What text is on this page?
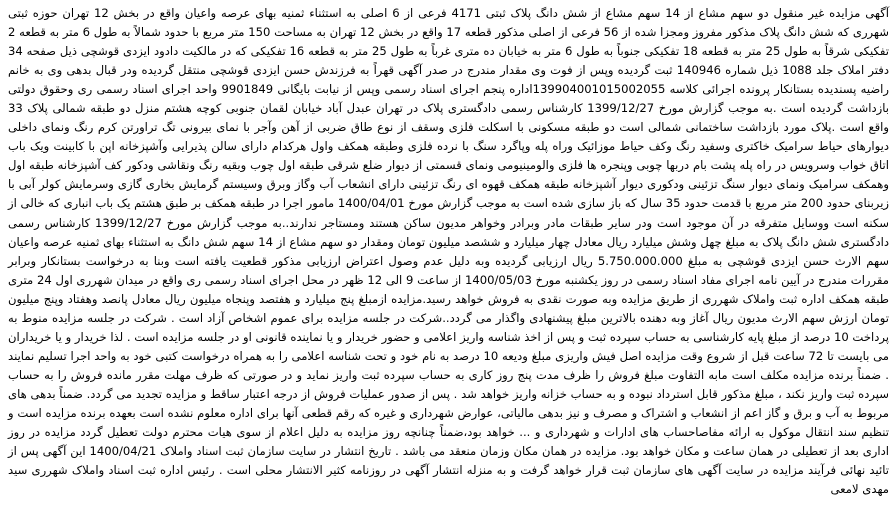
آگهی مزایده غیر منقول دو سهم مشاع از 14 سهم مشاع از شش دانگ پلاک ثبتی 4171 فرعی از 6 اصلی به استثناء ثمنیه بهای عرصه واعیان واقع در بخش 12 تهران حوزه ثبتی شهرری که شش دانگ پلاک مذکور مفروز ومجزا شده از 56 فرعی از اصلی مذکور قطعه 17 واقع در بخش 12 تهران به مساحت 150 متر مربع با حدود شمالاً به طول 6 متر به قطعه 2 تفکیکی شرقاً به طول 25 متر به قطعه 18 تفکیکی جنوباً به طول 6 متر به خیابان ده متری غرباً به طول 25 متر به قطعه 16 تفکیکی که در مالکیت دادود ایزدی قوشچی ذیل صفحه 34 دفتر املاک جلد 1088 ذیل شماره 140946 ثبت گردیده وپس از فوت وی مقدار مندرج در صدر آگهی قهراً به فرزندش حسن ایزدی قوشچی منتقل گردیده ودر قبال بدهی وی به خانم راضیه پسندیده بستانکار پرونده اجرائی کلاسه 139904001015002055اداره پنجم اجرای اسناد رسمی وپس از نیابت بایگانی 9901849 واحد اجرای اسناد رسمی ری وحقوق دولتی بازداشت گردیده است .به موجب گزارش مورخ 1399/12/27 کارشناس رسمی دادگستری پلاک در تهران عبدل آباد خیابان لقمان جنوبی کوچه هشتم منزل دو طبقه شمالی پلاک 33 واقع است .پلاک مورد بازداشت ساختمانی شمالی است دو طبقه مسکونی با اسکلت فلزی وسقف از نوع طاق ضربی از آهن وآجر با نمای بیرونی تگ تراورتن کرم رنگ ونمای داخلی دیوارهای حیاط سرامیک خاکتری وسفید رنگ وکف حیاط موزائیک وراه پله وپاگرد سنگ با نرده فلزی وطبقه همکف واول هرکدام دارای سالن پذیرایی وآشپزخانه اپن با کابینت ویک باب اتاق خواب وسرویس در راه پله پشت بام دربها چوبی وپنجره ها فلزی والومینیومی ونمای قسمتی از دیوار ضلع شرقی طبقه اول چوب وبقیه رنگ ونقاشی ودکور کف آشپزخانه طبقه اول وهمکف سرامیک ونمای دیوار سنگ تزئینی ودکوری دیوار آشپزخانه طبقه همکف قهوه ای رنگ تزئینی دارای انشعاب آب وگاز وبرق وسیستم گرمایش بخاری گازی وسرمایش کولر آبی با زیربنای حدود 200 متر مربع با قدمت حدود 35 سال که باز سازی شده است به موجب گزارش مورخ 1400/04/01 مامور اجرا در طبقه همکف بر طبق هشتم یک باب انباری که خالی از سکنه است ووسایل متفرقه در آن موجود است ودر سایر طبقات مادر وبرادر وخواهر مدیون ساکن هستند ومستاجر ندارند..به موجب گزارش مورخ 1399/12/27 کارشناس رسمی دادگستری شش دانگ پلاک به مبلغ چهل وشش میلیارد ریال معادل چهار میلیارد و ششصد میلیون تومان ومقدار دو سهم مشاع از 14 سهم شش دانگ به استثناء بهای ثمنیه عرصه واعیان سهم الارث حسن ایزدی قوشچی به مبلغ 5.750.000.000 ریال ارزیابی گردیده وبه دلیل عدم وصول اعتراض ارزیابی مذکور قطعیت یافته است وبنا به درخواست بستانکار وبرابر مقررات مندرج در آیین نامه اجرای مفاد اسناد رسمی در روز یکشنبه مورخ 1400/05/03 از ساعت 9 الی 12 ظهر در محل اجرای اسناد رسمی ری واقع در میدان شهرری اول 24 متری طبقه همکف اداره ثبت واملاک شهرری از طریق مزایده وبه صورت نقدی به فروش خواهد رسید.مزایده ازمبلغ پنج میلیارد و هفتصد وپنجاه میلیون ریال معادل پانصد وهفتاد وپنج میلیون تومان ارزش سهم الارث مدیون ریال آغاز وبه دهنده بالاترین مبلغ پیشنهادی واگذار می گردد..شرکت در جلسه مزایده برای عموم اشخاص آزاد است . شرکت در جلسه مزایده منوط به پرداخت 10 درصد از مبلغ پایه کارشناسی به حساب سپرده ثبت و پس از اخذ شناسه واریز اعلامی و حضور خریدار و یا نماینده قانونی او در جلسه مزایده است . لذا خریدار و یا خریداران می بایست تا 72 ساعت قبل از شروع وقت مزایده اصل فیش واریزی مبلغ ودیعه 10 درصد به نام خود و تحت شناسه اعلامی را به همراه درخواست کتبی خود به واحد اجرا تسلیم نمایند . ضمناً برنده مزایده مکلف است مابه التفاوت مبلغ فروش را ظرف مدت پنج روز کاری به حساب سپرده ثبت واریز نماید و در صورتی که ظرف مهلت مقرر مانده فروش را به حساب سپرده ثبت واریز نکند ، مبلغ مذکور قابل استرداد نبوده و به حساب خزانه واریز خواهد شد . پس از صدور عملیات فروش از درجه اعتبار ساقط و مزایده تجدید می گردد. ضمناً بدهی های مربوط به آب و برق و گاز اعم از انشعاب و اشتراک و مصرف و نیز بدهی مالیاتی، عوارض شهرداری و غیره که رقم قطعی آنها برای اداره معلوم نشده است بعهده برنده مزایده است و تنظیم سند انتقال موکول به ارائه مفاصاحساب های ادارات و شهرداری و ... خواهد بود،ضمناً چنانچه روز مزایده به دلیل اعلام از سوی هیات محترم دولت تعطیل گردد مزایده در روز اداری بعد از تعطیلی در همان ساعت و مکان خواهد بود. مزایده در همان مکان وزمان منعقد می باشد . تاریخ انتشار در سایت سازمان ثبت اسناد واملاک 1400/04/21 این آگهی پس از تائید نهائی فرآیند مزایده در سایت آگهی های سازمان ثبت قرار خواهد گرفت و به منزله انتشار آگهی در روزنامه کثیر الانتشار محلی است . رئیس اداره ثبت اسناد واملاک شهرری سید مهدی لامعی
